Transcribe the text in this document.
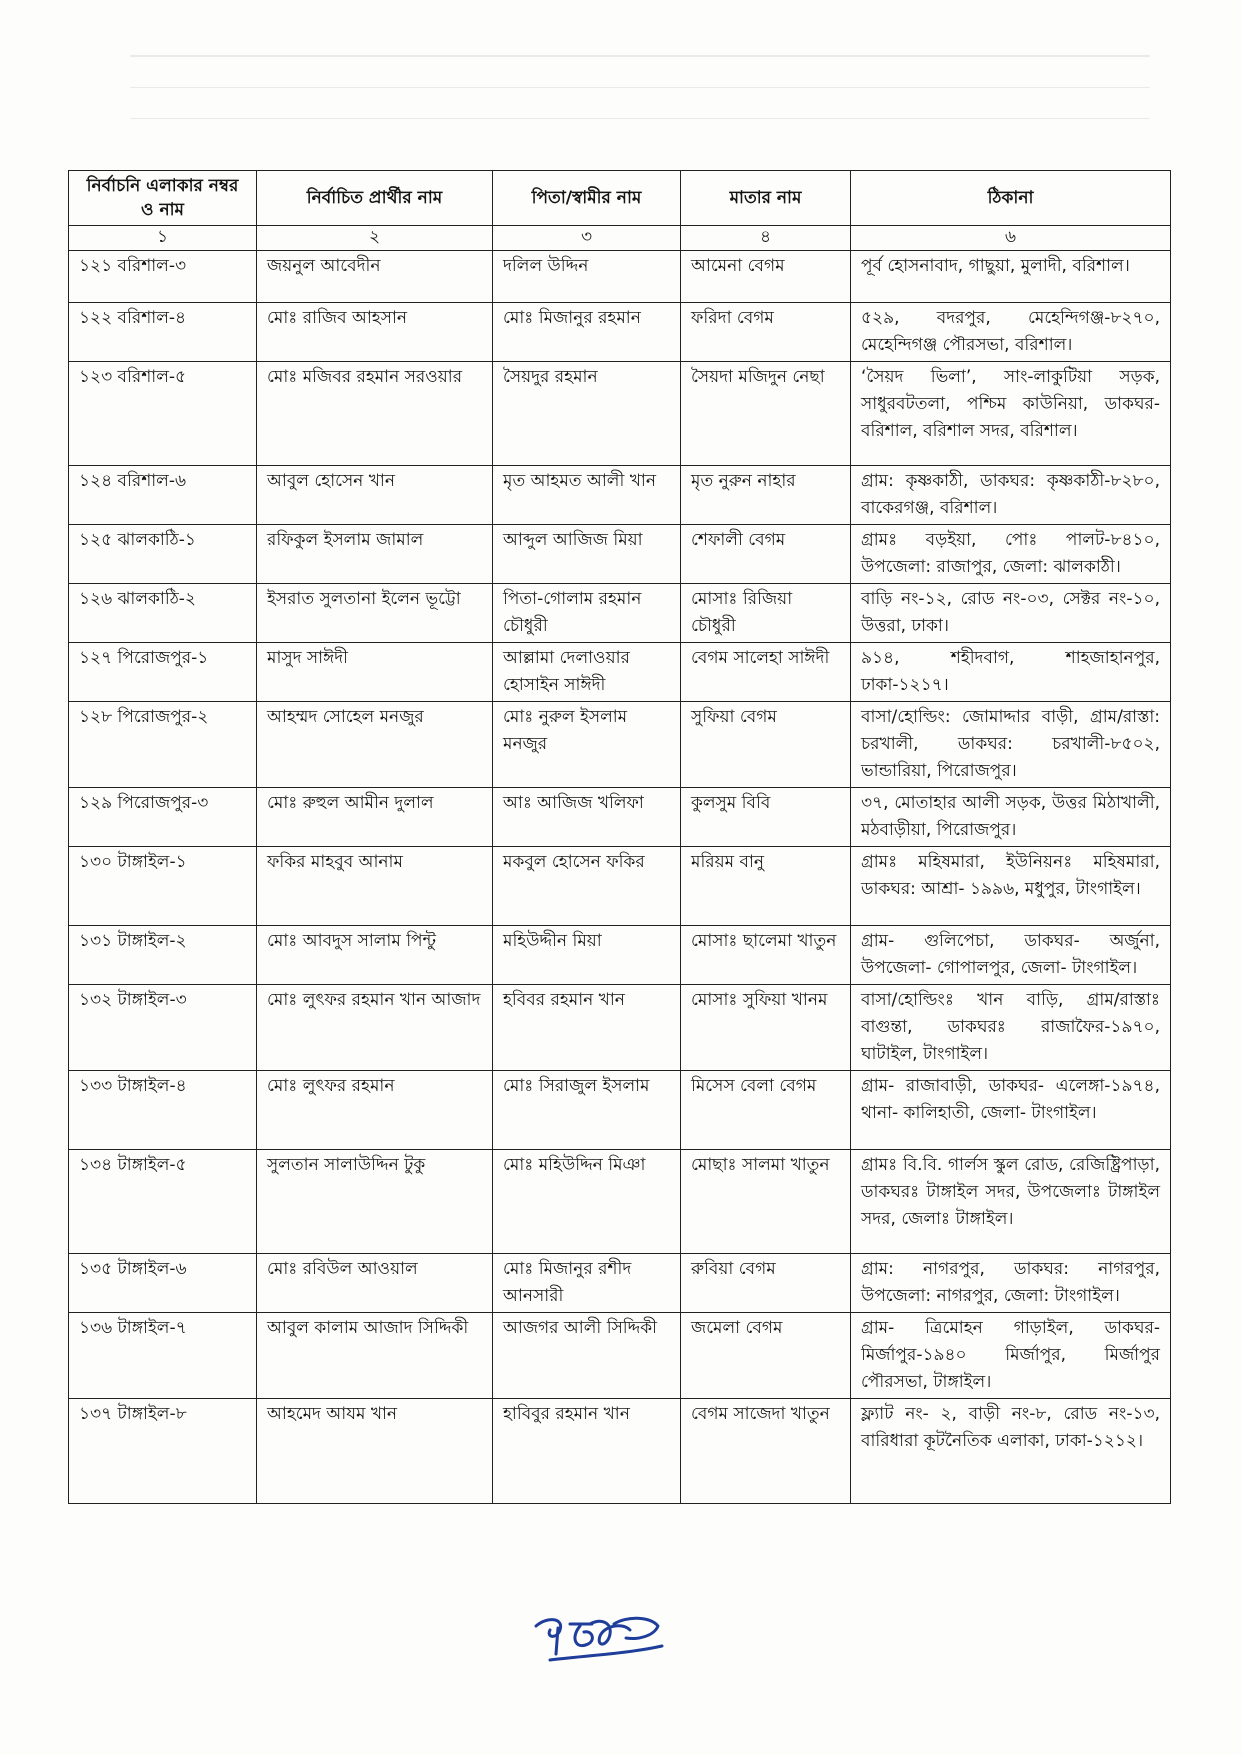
নির্বাচনি এলাকার নম্বর ও নাম	নির্বাচিত প্রার্থীর নাম	পিতা/স্বামীর নাম	মাতার নাম	ঠিকানা
১	২	৩	৪	৬
১২১ বরিশাল-৩	জয়নুল আবেদীন	দলিল উদ্দিন	আমেনা বেগম	পূর্ব হোসনাবাদ, গাছুয়া, মুলাদী, বরিশাল।
১২২ বরিশাল-৪	মোঃ রাজিব আহসান	মোঃ মিজানুর রহমান	ফরিদা বেগম	৫২৯, বদরপুর, মেহেন্দিগঞ্জ-৮২৭০, মেহেন্দিগঞ্জ পৌরসভা, বরিশাল।
১২৩ বরিশাল-৫	মোঃ মজিবর রহমান সরওয়ার	সৈয়দুর রহমান	সৈয়দা মজিদুন নেছা	‘সৈয়দ ভিলা’, সাং-লাকুটিয়া সড়ক, সাধুরবটতলা, পশ্চিম কাউনিয়া, ডাকঘর-বরিশাল, বরিশাল সদর, বরিশাল।
১২৪ বরিশাল-৬	আবুল হোসেন খান	মৃত আহমত আলী খান	মৃত নুরুন নাহার	গ্রাম: কৃষ্ণকাঠী, ডাকঘর: কৃষ্ণকাঠী-৮২৮০, বাকেরগঞ্জ, বরিশাল।
১২৫ ঝালকাঠি-১	রফিকুল ইসলাম জামাল	আব্দুল আজিজ মিয়া	শেফালী বেগম	গ্রামঃ বড়ইয়া, পোঃ পালট-৮৪১০, উপজেলা: রাজাপুর, জেলা: ঝালকাঠী।
১২৬ ঝালকাঠি-২	ইসরাত সুলতানা ইলেন ভূট্টো	পিতা-গোলাম রহমান চৌধুরী	মোসাঃ রিজিয়া চৌধুরী	বাড়ি নং-১২, রোড নং-০৩, সেক্টর নং-১০, উত্তরা, ঢাকা।
১২৭ পিরোজপুর-১	মাসুদ সাঈদী	আল্লামা দেলাওয়ার হোসাইন সাঈদী	বেগম সালেহা সাঈদী	৯১৪, শহীদবাগ, শাহজাহানপুর, ঢাকা-১২১৭।
১২৮ পিরোজপুর-২	আহম্মদ সোহেল মনজুর	মোঃ নুরুল ইসলাম মনজুর	সুফিয়া বেগম	বাসা/হোল্ডিং: জোমাদ্দার বাড়ী, গ্রাম/রাস্তা: চরখালী, ডাকঘর: চরখালী-৮৫০২, ভান্ডারিয়া, পিরোজপুর।
১২৯ পিরোজপুর-৩	মোঃ রুহুল আমীন দুলাল	আঃ আজিজ খলিফা	কুলসুম বিবি	৩৭, মোতাহার আলী সড়ক, উত্তর মিঠাখালী, মঠবাড়ীয়া, পিরোজপুর।
১৩০ টাঙ্গাইল-১	ফকির মাহবুব আনাম	মকবুল হোসেন ফকির	মরিয়ম বানু	গ্রামঃ মহিষমারা, ইউনিয়নঃ মহিষমারা, ডাকঘর: আশ্রা- ১৯৯৬, মধুপুর, টাংগাইল।
১৩১ টাঙ্গাইল-২	মোঃ আবদুস সালাম পিন্টু	মহিউদ্দীন মিয়া	মোসাঃ ছালেমা খাতুন	গ্রাম- গুলিপেচা, ডাকঘর- অর্জুনা, উপজেলা- গোপালপুর, জেলা- টাংগাইল।
১৩২ টাঙ্গাইল-৩	মোঃ লুৎফর রহমান খান আজাদ	হবিবর রহমান খান	মোসাঃ সুফিয়া খানম	বাসা/হোল্ডিংঃ খান বাড়ি, গ্রাম/রাস্তাঃ বাগুন্তা, ডাকঘরঃ রাজাফৈর-১৯৭০, ঘাটাইল, টাংগাইল।
১৩৩ টাঙ্গাইল-৪	মোঃ লুৎফর রহমান	মোঃ সিরাজুল ইসলাম	মিসেস বেলা বেগম	গ্রাম- রাজাবাড়ী, ডাকঘর- এলেঙ্গা-১৯৭৪, থানা- কালিহাতী, জেলা- টাংগাইল।
১৩৪ টাঙ্গাইল-৫	সুলতান সালাউদ্দিন টুকু	মোঃ মহিউদ্দিন মিঞা	মোছাঃ সালমা খাতুন	গ্রামঃ বি.বি. গার্লস স্কুল রোড, রেজিষ্ট্রিপাড়া, ডাকঘরঃ টাঙ্গাইল সদর, উপজেলাঃ টাঙ্গাইল সদর, জেলাঃ টাঙ্গাইল।
১৩৫ টাঙ্গাইল-৬	মোঃ রবিউল আওয়াল	মোঃ মিজানুর রশীদ আনসারী	রুবিয়া বেগম	গ্রাম: নাগরপুর, ডাকঘর: নাগরপুর, উপজেলা: নাগরপুর, জেলা: টাংগাইল।
১৩৬ টাঙ্গাইল-৭	আবুল কালাম আজাদ সিদ্দিকী	আজগর আলী সিদ্দিকী	জমেলা বেগম	গ্রাম- ত্রিমোহন গাড়াইল, ডাকঘর- মির্জাপুর-১৯৪০ মির্জাপুর, মির্জাপুর পৌরসভা, টাঙ্গাইল।
১৩৭ টাঙ্গাইল-৮	আহমেদ আযম খান	হাবিবুর রহমান খান	বেগম সাজেদা খাতুন	ফ্ল্যাট নং- ২, বাড়ী নং-৮, রোড নং-১৩, বারিধারা কূটনৈতিক এলাকা, ঢাকা-১২১২।
